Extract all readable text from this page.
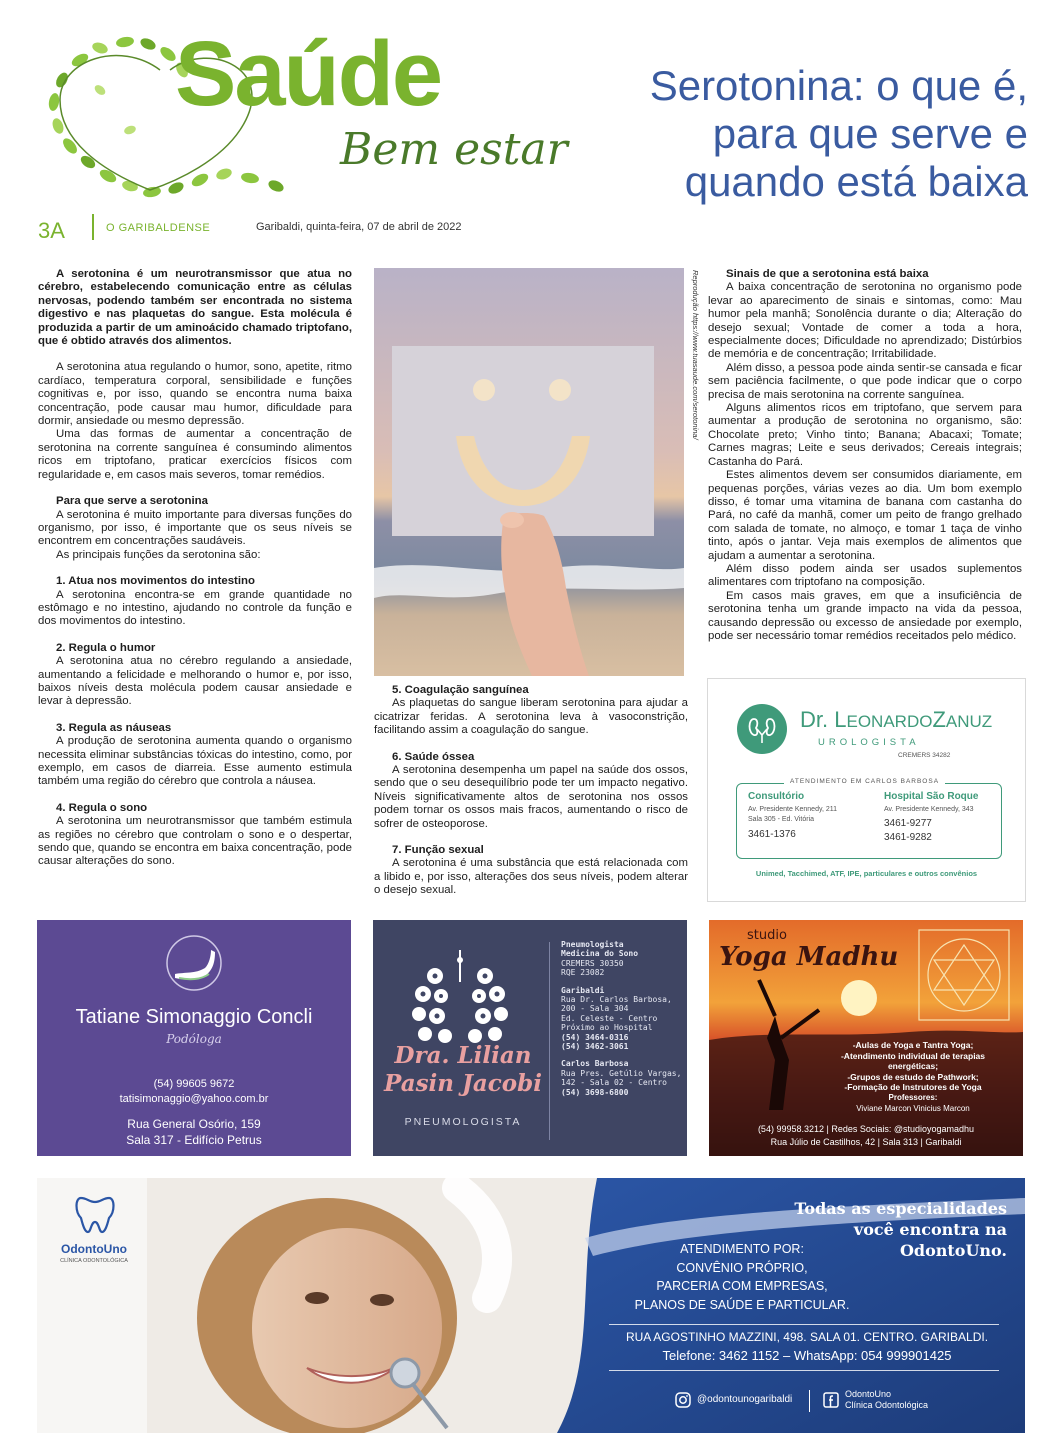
Saúde
Bem estar
Serotonina: o que é, para que serve e quando está baixa
3A	O GARIBALDENSE	Garibaldi, quinta-feira, 07 de abril de 2022

A serotonina é um neurotransmissor que atua no cérebro, estabelecendo comunicação entre as células nervosas, podendo também ser encontrada no sistema digestivo e nas plaquetas do sangue. Esta molécula é produzida a partir de um aminoácido chamado triptofano, que é obtido através dos alimentos.

A serotonina atua regulando o humor, sono, apetite, ritmo cardíaco, temperatura corporal, sensibilidade e funções cognitivas e, por isso, quando se encontra numa baixa concentração, pode causar mau humor, dificuldade para dormir, ansiedade ou mesmo depressão.

Uma das formas de aumentar a concentração de serotonina na corrente sanguínea é consumindo alimentos ricos em triptofano, praticar exercícios físicos com regularidade e, em casos mais severos, tomar remédios.

Para que serve a serotonina

A serotonina é muito importante para diversas funções do organismo, por isso, é importante que os seus níveis se encontrem em concentrações saudáveis.

As principais funções da serotonina são:

1. Atua nos movimentos do intestino

A serotonina encontra-se em grande quantidade no estômago e no intestino, ajudando no controle da função e dos movimentos do intestino.

2. Regula o humor

A serotonina atua no cérebro regulando a ansiedade, aumentando a felicidade e melhorando o humor e, por isso, baixos níveis desta molécula podem causar ansiedade e levar à depressão.

3. Regula as náuseas

A produção de serotonina aumenta quando o organismo necessita eliminar substâncias tóxicas do intestino, como, por exemplo, em casos de diarreia. Esse aumento estimula também uma região do cérebro que controla a náusea.

4. Regula o sono

A serotonina um neurotransmissor que também estimula as regiões no cérebro que controlam o sono e o despertar, sendo que, quando se encontra em baixa concentração, pode causar alterações do sono.

Reprodução https://www.tuasaude.com/serotonina/
5. Coagulação sanguínea

As plaquetas do sangue liberam serotonina para ajudar a cicatrizar feridas. A serotonina leva à vasoconstrição, facilitando assim a coagulação do sangue.

6. Saúde óssea

A serotonina desempenha um papel na saúde dos ossos, sendo que o seu desequilíbrio pode ter um impacto negativo. Níveis significativamente altos de serotonina nos ossos podem tornar os ossos mais fracos, aumentando o risco de sofrer de osteoporose.

7. Função sexual

A serotonina é uma substância que está relacionada com a libido e, por isso, alterações dos seus níveis, podem alterar o desejo sexual.

Sinais de que a serotonina está baixa

A baixa concentração de serotonina no organismo pode levar ao aparecimento de sinais e sintomas, como: Mau humor pela manhã; Sonolência durante o dia; Alteração do desejo sexual; Vontade de comer a toda a hora, especialmente doces; Dificuldade no aprendizado; Distúrbios de memória e de concentração; Irritabilidade.

Além disso, a pessoa pode ainda sentir-se cansada e ficar sem paciência facilmente, o que pode indicar que o corpo precisa de mais serotonina na corrente sanguínea.

Alguns alimentos ricos em triptofano, que servem para aumentar a produção de serotonina no organismo, são: Chocolate preto; Vinho tinto; Banana; Abacaxi; Tomate; Carnes magras; Leite e seus derivados; Cereais integrais; Castanha do Pará.

Estes alimentos devem ser consumidos diariamente, em pequenas porções, várias vezes ao dia. Um bom exemplo disso, é tomar uma vitamina de banana com castanha do Pará, no café da manhã, comer um peito de frango grelhado com salada de tomate, no almoço, e tomar 1 taça de vinho tinto, após o jantar. Veja mais exemplos de alimentos que ajudam a aumentar a serotonina.

Além disso podem ainda ser usados suplementos alimentares com triptofano na composição.

Em casos mais graves, em que a insuficiência de serotonina tenha um grande impacto na vida da pessoa, causando depressão ou excesso de ansiedade por exemplo, pode ser necessário tomar remédios receitados pelo médico.

Dr. LEONARDOZANUZ
UROLOGISTA
CREMERS 34282
ATENDIMENTO EM CARLOS BARBOSA
Consultório
Av. Presidente Kennedy, 211
Sala 305 - Ed. Vitória
3461-1376
Hospital São Roque
Av. Presidente Kennedy, 343
3461-9277
3461-9282
Unimed, Tacchimed, ATF, IPE, particulares e outros convênios
Tatiane Simonaggio Concli
Podóloga
(54) 99605 9672
tatisimonaggio@yahoo.com.br
Rua General Osório, 159
Sala 317 - Edifício Petrus
Dra. Lilian
Pasin Jacobi
PNEUMOLOGISTA
Pneumologista
Medicina do Sono
CREMERS 30350
RQE 23082
Garibaldi
Rua Dr. Carlos Barbosa,
200 - Sala 304
Ed. Celeste - Centro
Próximo ao Hospital
(54) 3464-0316
(54) 3462-3061
Carlos Barbosa
Rua Pres. Getúlio Vargas,
142 - Sala 02 - Centro
(54) 3698-6800
studio
Yoga Madhu
-Aulas de Yoga e Tantra Yoga;
-Atendimento individual de terapias
energéticas;
-Grupos de estudo de Pathwork;
-Formação de Instrutores de Yoga
Professores:
Viviane Marcon Vinicius Marcon
(54) 99958.3212 | Redes Sociais: @studioyogamadhu
Rua Júlio de Castilhos, 42 | Sala 313 | Garibaldi
OdontoUno
CLÍNICA ODONTOLÓGICA
Todas as especialidades
você encontra na
OdontoUno.
ATENDIMENTO POR:
CONVÊNIO PRÓPRIO,
PARCERIA COM EMPRESAS,
PLANOS DE SAÚDE E PARTICULAR.
RUA AGOSTINHO MAZZINI, 498. SALA 01. CENTRO. GARIBALDI.
Telefone: 3462 1152 – WhatsApp: 054 999901425
@odontounogaribaldi	OdontoUno
Clínica Odontológica
